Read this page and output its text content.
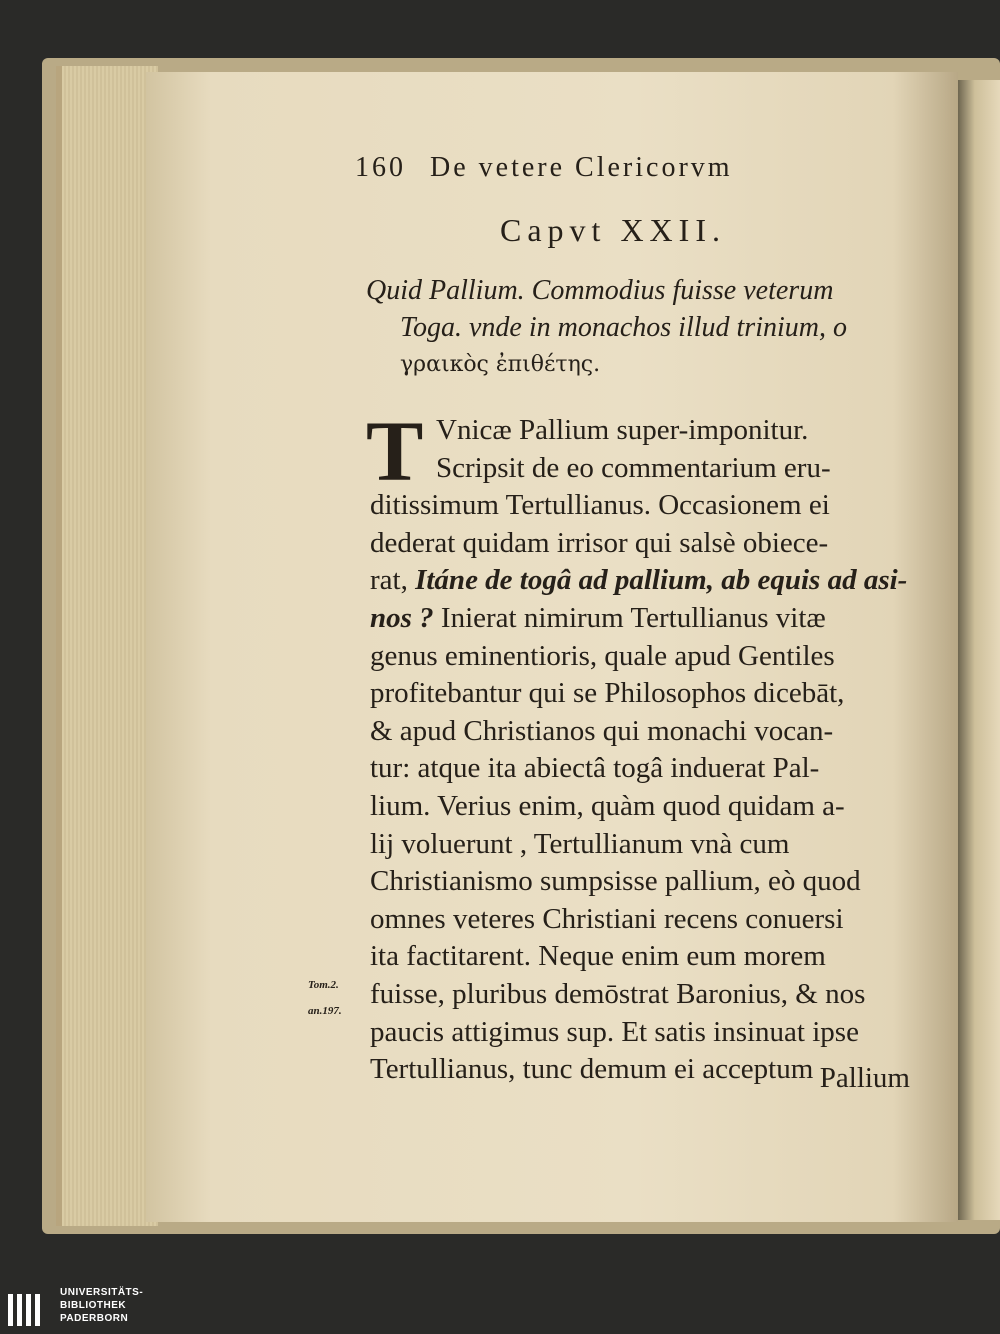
160 De vetere Clericorvm
Capvt XXII.
Quid Pallium. Commodius fuisse veterum
Toga. vnde in monachos illud trinium, o
γραικὸς ἐπιθέτης.
T Vnicæ Pallium super-imponitur.
Scripsit de eo commentarium eru-
ditissimum Tertullianus. Occasionem ei
dederat quidam irrisor qui salsè obiece-
rat, Itáne de togâ ad pallium, ab equis ad asi-
nos ? Inierat nimirum Tertullianus vitæ
genus eminentioris, quale apud Gentiles
profitebantur qui se Philosophos dicebāt,
& apud Christianos qui monachi vocan-
tur: atque ita abiectâ togâ induerat Pal-
lium. Verius enim, quàm quod quidam a-
lij voluerunt , Tertullianum vnà cum
Christianismo sumpsisse pallium, eò quod
omnes veteres Christiani recens conuersi
ita factitarent. Neque enim eum morem
fuisse, pluribus demōstrat Baronius, & nos
paucis attigimus sup. Et satis insinuat ipse
Tertullianus, tunc demum ei acceptum Pallium
Tom.2.
an.197.
UNIVERSITÄTS-
BIBLIOTHEK
PADERBORN
